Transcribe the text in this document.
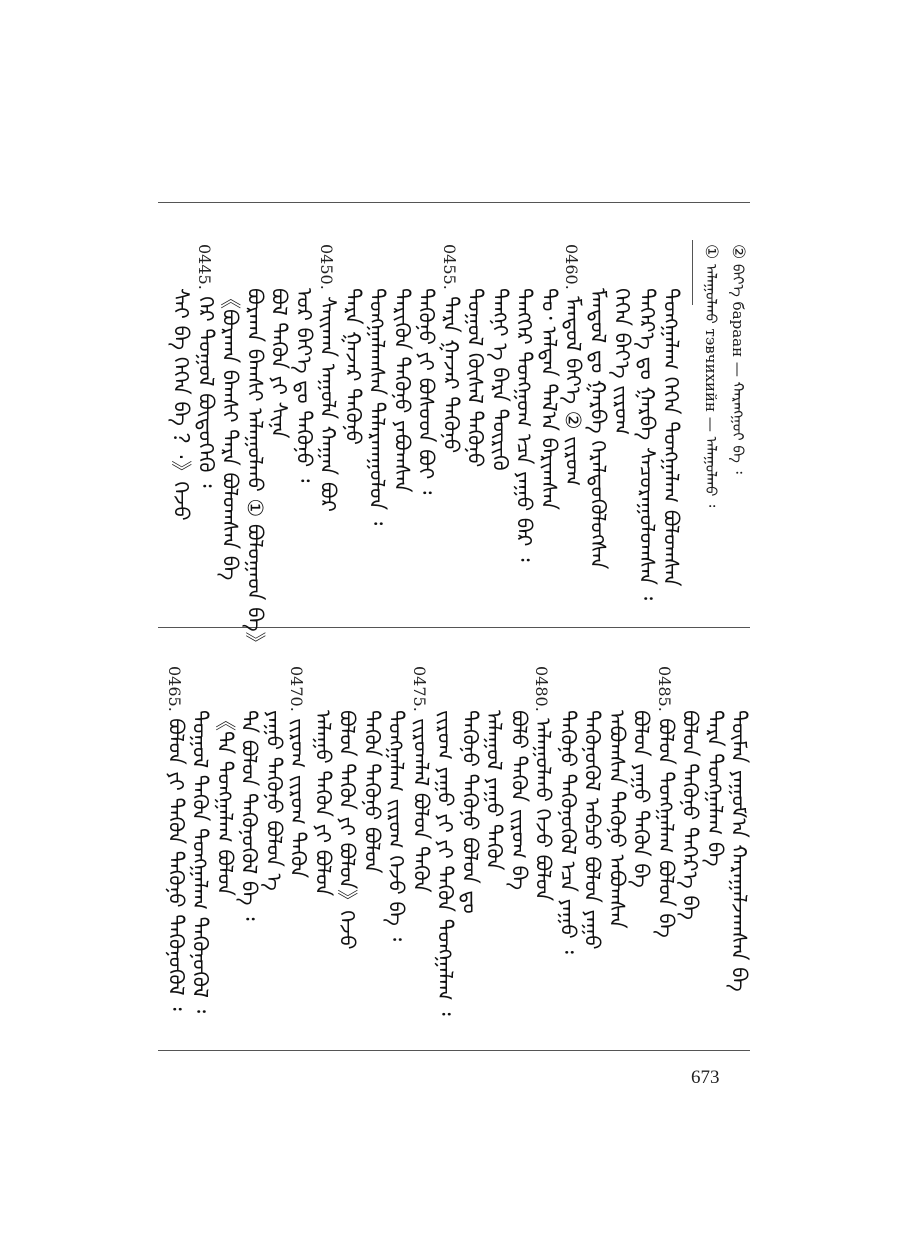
② ᠪᠡᠶ᠎ᠡ бараан — ᠬᠠᠷᠠᠩᠭᠤᠢ ᠪᠡ ᠄
① ᠠᠯᠠᠭᠤᠯᠬᠤ тэвчихийн — ᠠᠯᠠᠭᠤᠯᠬᠤ ᠄
ᠲᠤᠩᠭᠠᠯᠠᠭ ᠭᠡᠭᠡᠨ ᠲᠤᠩᠭᠠᠯᠠᠭ ᠪᠤᠯᠤᠭᠰᠠᠨ
ᠳᠡᠭᠡᠷ᠎ᠡ ᠳᠤ ᠭᠠᠷᠪᠠ ᠰᠠᠴᠤᠷᠠᠭᠤᠯᠤᠭᠰᠠᠨ ᠄
ᠭᠡᠭᠡᠨ ᠪᠡᠶ᠎ᠡ ᠵᠢᠷᠤᠭ
ᠮᠠᠨᠳᠤᠯ ᠳᠤ ᠭᠠᠷᠪᠠ ᠭᠡᠷᠡᠯᠲᠦᠭᠦᠯᠦᠭᠰᠡᠨ
0460. ᠮᠠᠨᠳᠤᠯ ᠪᠡᠶ᠎ᠡ ② ᠵᠢᠷᠤᠭ
ᠲᠤ᠂ ᠠᠯᠲᠠᠨ ᠲᠠᠯ᠎ᠠ ᠪᠠᠷᠢᠭᠰᠠᠨ
ᠲᠡᠩᠭᠡᠷ ᠳᠤᠩᠭᠤᠭ ᠡᠴᠡ ᠶᠠᠭᠤ ᠪᠠᠷ ᠄
ᠲᠠᠩᠨᠢ ᠡ ᠪᠡᠷᠡ ᠳᠦᠷᠢᠭᠦ
ᠲᠤᠭᠤᠯ ᠬᠦᠰᠡᠯ ᠲᠡᠭᠦᠨᠦ
0455. ᠲᠡᠷᠡ ᠭᠠᠵᠠᠷ ᠲᠡᠭᠦᠨᠦ
ᠲᠡᠭᠦᠨᠦ ᠶᠢ ᠪᠤᠰᠤᠳ ᠪᠤᠢ ᠄
ᠲᠡᠷᠢᠭᠦᠨ ᠲᠡᠭᠦᠨᠦ ᠶᠠᠪᠤᠭᠰᠠᠨ
ᠲᠤᠩᠭᠠᠯᠠᠭᠰᠠᠨ ᠲᠠᠯᠠᠷᠬᠠᠭᠤᠯᠤᠨ ᠄
ᠲᠡᠷᠡ ᠭᠠᠵᠠᠷ ᠲᠡᠭᠦᠨᠦ
0450. ᠰᠠᠢᠬᠠᠨ ᠠᠭᠤᠯᠠ ᠬᠠᠭᠠᠨ ᠪᠤᠷ
ᠣᠷ ᠪᠡᠶ᠎ᠡ ᠳᠤ ᠲᠡᠭᠦᠨᠦ ᠄
ᠪᠣᠯ ᠲᠡᠭᠦᠨ ᠶᠢ ᠰᠢᠨᠡ
ᠪᠤᠷᠬᠠᠨ ᠪᠠᠭᠰᠢ ᠠᠯᠠᠭᠤᠯᠬᠤ ① ᠪᠤᠯᠤᠭᠠᠳ ᠪᠠ》
《ᠪᠤᠷᠬᠠᠨ ᠪᠠᠭᠰᠢ ᠲᠠᠷᠠ ᠪᠤᠯᠤᠭᠰᠠᠨ ᠪᠠ
0445. ᠭᠡᠷ ᠲᠤᠭᠤᠯ ᠪᠦᠲᠦᠭᠡᠬᠦ ᠄
ᠰᠠᠢ ᠪᠠ ᠭᠡᠭᠡᠨ ᠪᠠ ？·》ᠭᠡᠵᠦ
ᠲᠦᠮᠡᠨ ᠶᠠᠭᠤᠮ᠎ᠠ ᠬᠠᠷᠠᠭᠠᠯᠵᠠᠭᠰᠠᠨ ᠪᠠ
ᠲᠡᠷᠡ ᠲᠤᠩᠭᠠᠯᠠᠭ ᠪᠠ
ᠪᠤᠯᠤᠨ ᠲᠡᠭᠦᠨᠦ ᠳᠡᠭᠡᠷ᠎ᠡ ᠪᠠ
0485. ᠪᠤᠯᠤᠨ ᠲᠤᠩᠭᠠᠯᠠᠭ ᠪᠤᠯᠤᠨ ᠪᠠ
ᠪᠤᠯᠤᠨ ᠶᠠᠭᠤ ᠲᠡᠭᠦᠨ ᠪᠠ
ᠠᠪᠤᠭᠰᠠᠨ ᠲᠡᠭᠦᠨᠦ ᠠᠪᠤᠭᠰᠠᠨ
ᠲᠡᠭᠦᠨᠦᠭᠦᠯ ᠠᠪᠴᠤ ᠪᠤᠯᠤᠨ ᠶᠠᠭᠤ
ᠲᠡᠭᠦᠨᠦ ᠲᠡᠭᠦᠨᠦᠭᠦᠯ ᠡᠴᠡ ᠶᠠᠭᠤ ᠄
0480. ᠠᠯᠠᠭᠤᠯᠬᠤ ᠭᠡᠵᠦ ᠪᠤᠯᠤᠨ
ᠪᠤᠯᠤ ᠲᠡᠭᠦᠨ ᠵᠢᠷᠤᠭ ᠪᠠ
ᠠᠯᠠᠭᠤᠯ ᠶᠠᠭᠤ ᠲᠡᠭᠦᠨ
ᠲᠡᠭᠦᠨᠦ ᠲᠡᠭᠦᠨᠦ ᠪᠤᠯᠤᠨ ᠳᠤ
ᠵᠢᠷᠤᠭ ᠶᠠᠭᠤ ᠶᠢ ᠶᠢ ᠲᠡᠭᠦᠨ ᠲᠤᠩᠭᠠᠯᠠᠭ ᠄
0475. ᠵᠢᠷᠤᠭᠯᠠᠯ ᠪᠤᠯᠤᠨ ᠲᠡᠭᠦᠨ
ᠲᠤᠩᠭᠠᠯᠠᠭ ᠵᠢᠷᠤᠭ ᠭᠡᠵᠦ ᠪᠠ ᠄
ᠲᠡᠭᠦᠨ ᠲᠡᠭᠦᠨᠦ ᠪᠤᠯᠤᠨ
ᠪᠤᠯᠤᠨ ᠲᠡᠭᠦᠨ ᠶᠢ ᠪᠤᠯᠤᠨ》ᠭᠡᠵᠦ
ᠠᠯᠠᠭᠤ ᠲᠡᠭᠦᠨ ᠶᠢ ᠪᠤᠯᠤᠨ
0470. ᠵᠢᠷᠤᠭ ᠵᠢᠷᠤᠭ ᠲᠡᠭᠦᠨ
ᠶᠠᠭᠤ ᠲᠡᠭᠦᠨᠦ ᠪᠤᠯᠤᠨ ᠡ
ᠲᠠ ᠪᠤᠯᠤᠨ ᠲᠡᠭᠦᠨᠦᠭᠦᠯ ᠪᠠ ᠄
《ᠲᠠ ᠲᠤᠩᠭᠠᠯᠠᠭ ᠪᠤᠯᠤᠨ
ᠲᠤᠭᠤᠯ ᠲᠡᠭᠦᠨ ᠲᠤᠩᠭᠠᠯᠠᠭ ᠲᠡᠭᠦᠨᠦᠭᠦᠯ ᠄
0465. ᠪᠤᠯᠤᠨ ᠶᠢ ᠲᠡᠭᠦᠨ ᠲᠡᠭᠦᠨᠦ ᠲᠡᠭᠦᠨᠦᠭᠦᠯ ᠄
673
